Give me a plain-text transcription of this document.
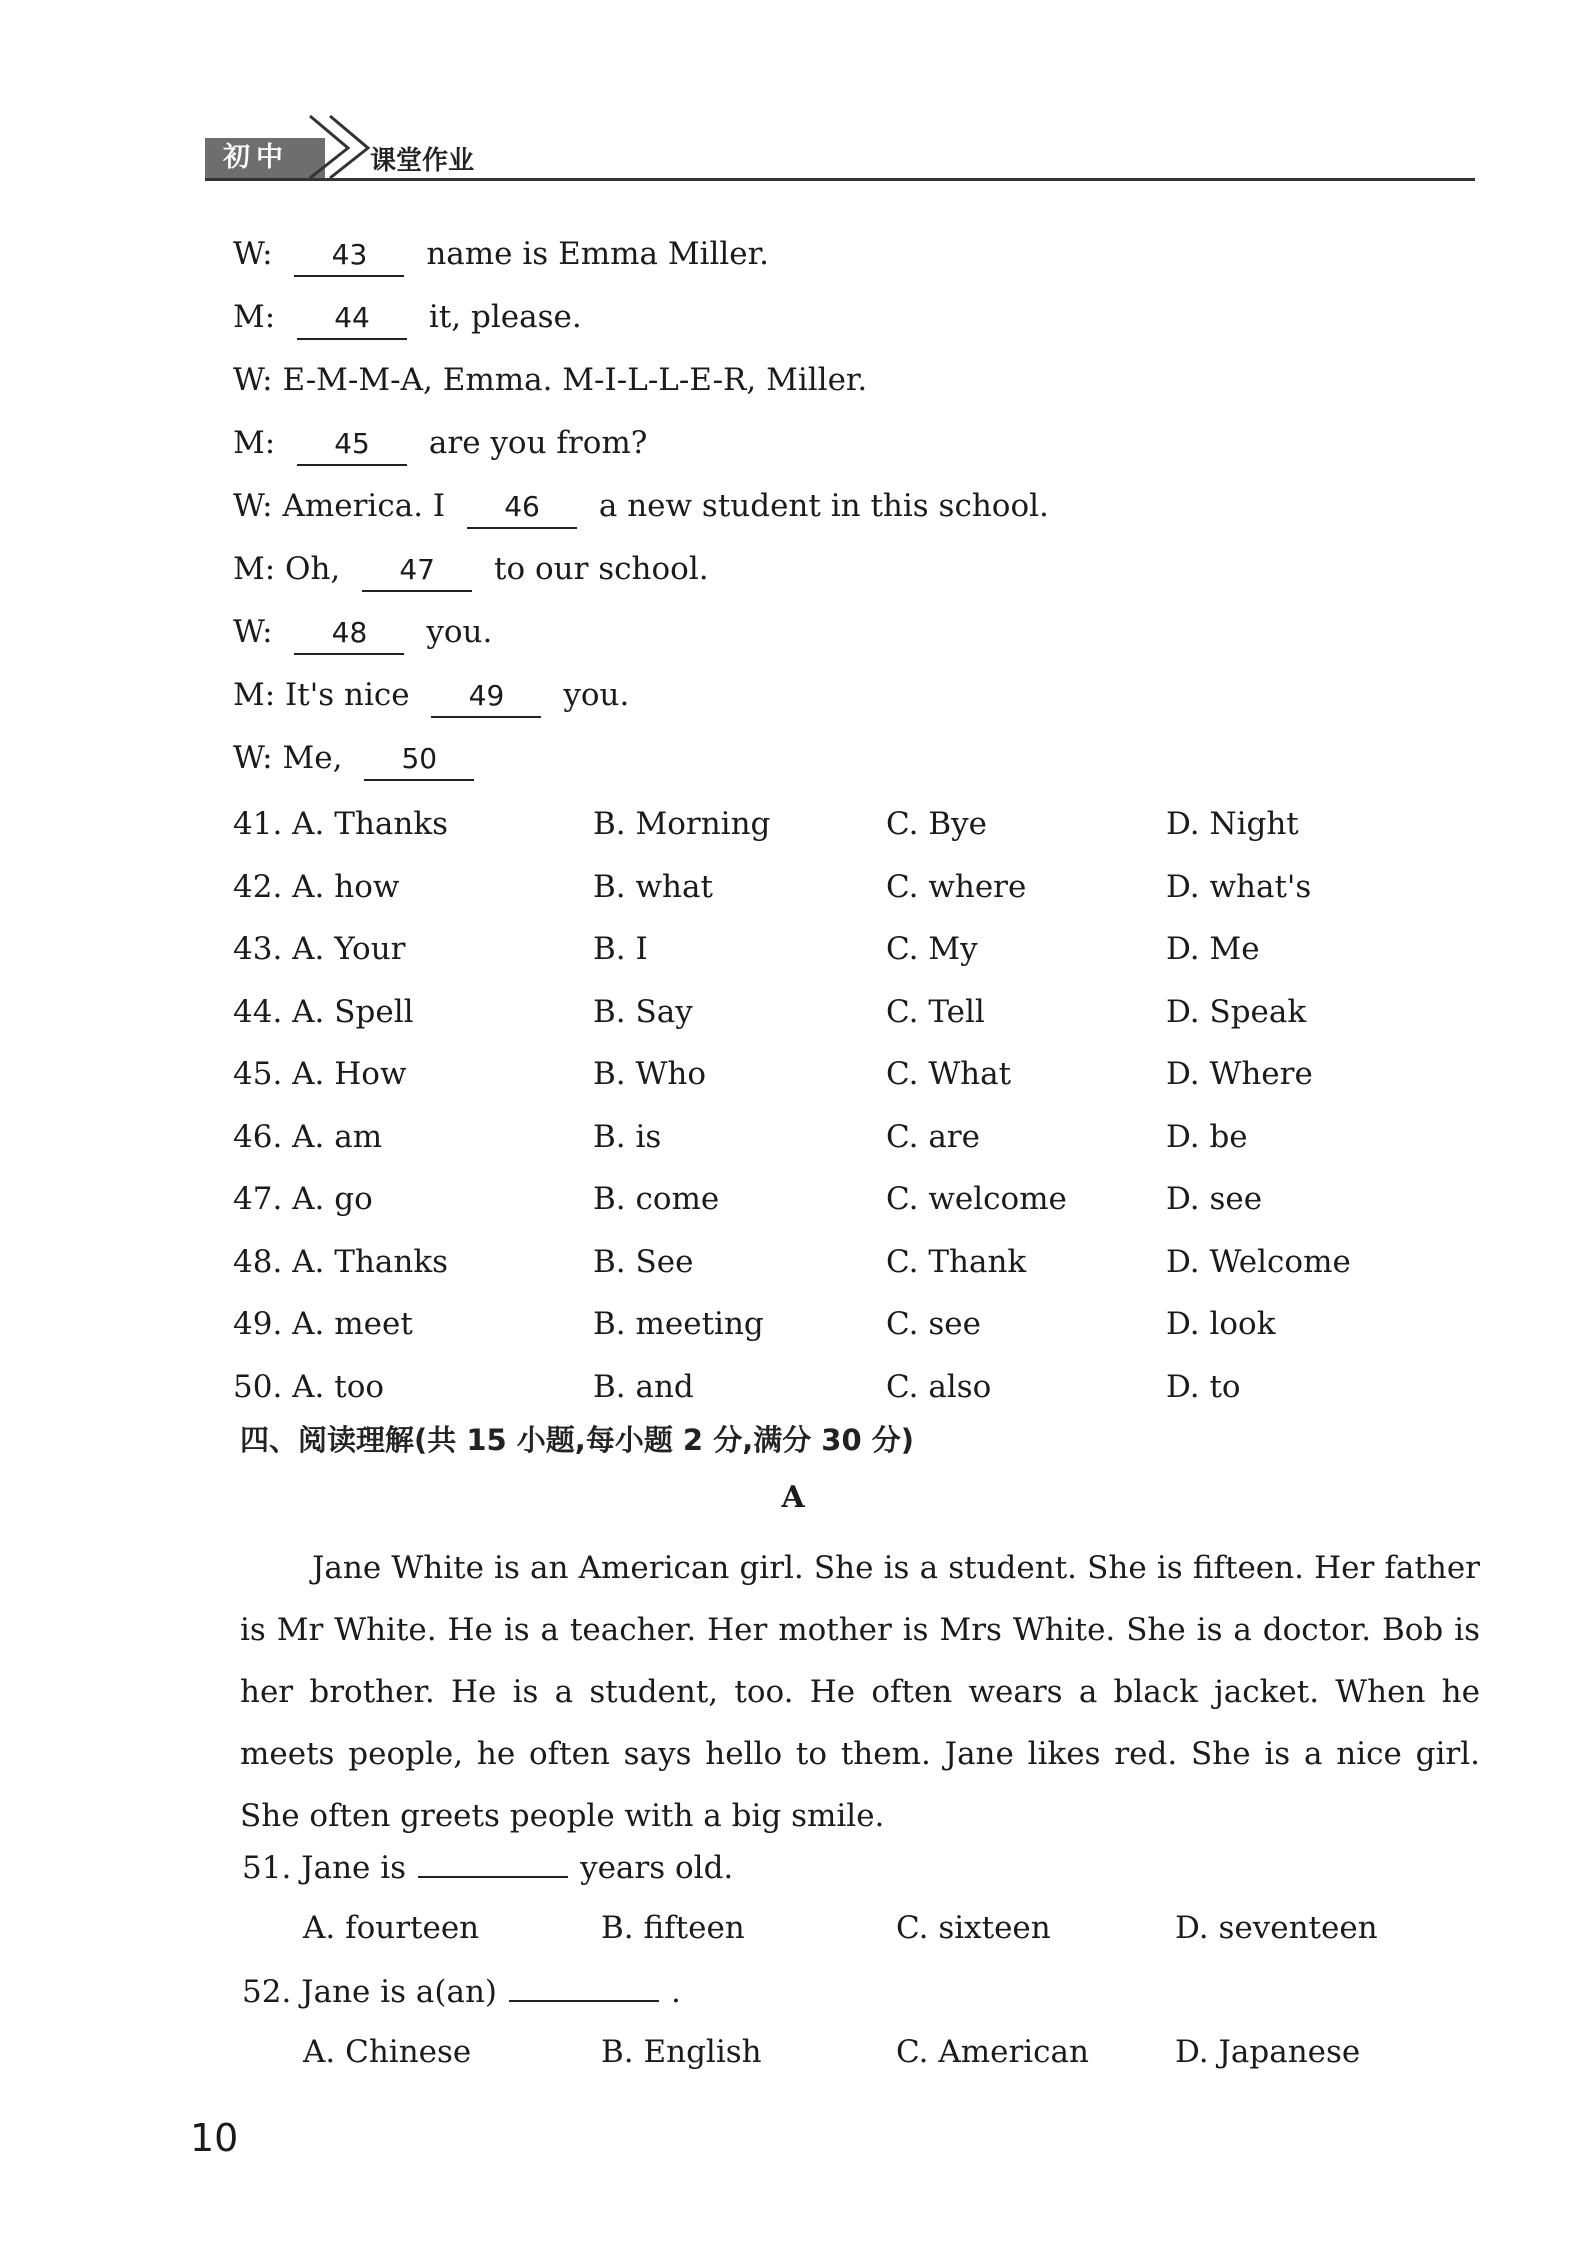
初中	课堂作业
W: 43 name is Emma Miller.
M: 44 it, please.
W: E-M-M-A, Emma. M-I-L-L-E-R, Miller.
M: 45 are you from?
W: America. I 46 a new student in this school.
M: Oh, 47 to our school.
W: 48 you.
M: It's nice 49 you.
W: Me, 50
41. A. Thanks	B. Morning	C. Bye	D. Night
42. A. how	B. what	C. where	D. what's
43. A. Your	B. I	C. My	D. Me
44. A. Spell	B. Say	C. Tell	D. Speak
45. A. How	B. Who	C. What	D. Where
46. A. am	B. is	C. are	D. be
47. A. go	B. come	C. welcome	D. see
48. A. Thanks	B. See	C. Thank	D. Welcome
49. A. meet	B. meeting	C. see	D. look
50. A. too	B. and	C. also	D. to
四、阅读理解(共 15 小题,每小题 2 分,满分 30 分)
A

Jane White is an American girl. She is a student. She is fifteen. Her father is Mr White. He is a teacher. Her mother is Mrs White. She is a doctor. Bob is her brother. He is a student, too. He often wears a black jacket. When he meets people, he often says hello to them. Jane likes red. She is a nice girl. She often greets people with a big smile.

51. Jane is	years old.
A. fourteen	B. fifteen	C. sixteen	D. seventeen
52. Jane is a(an)	.
A. Chinese	B. English	C. American	D. Japanese
10
